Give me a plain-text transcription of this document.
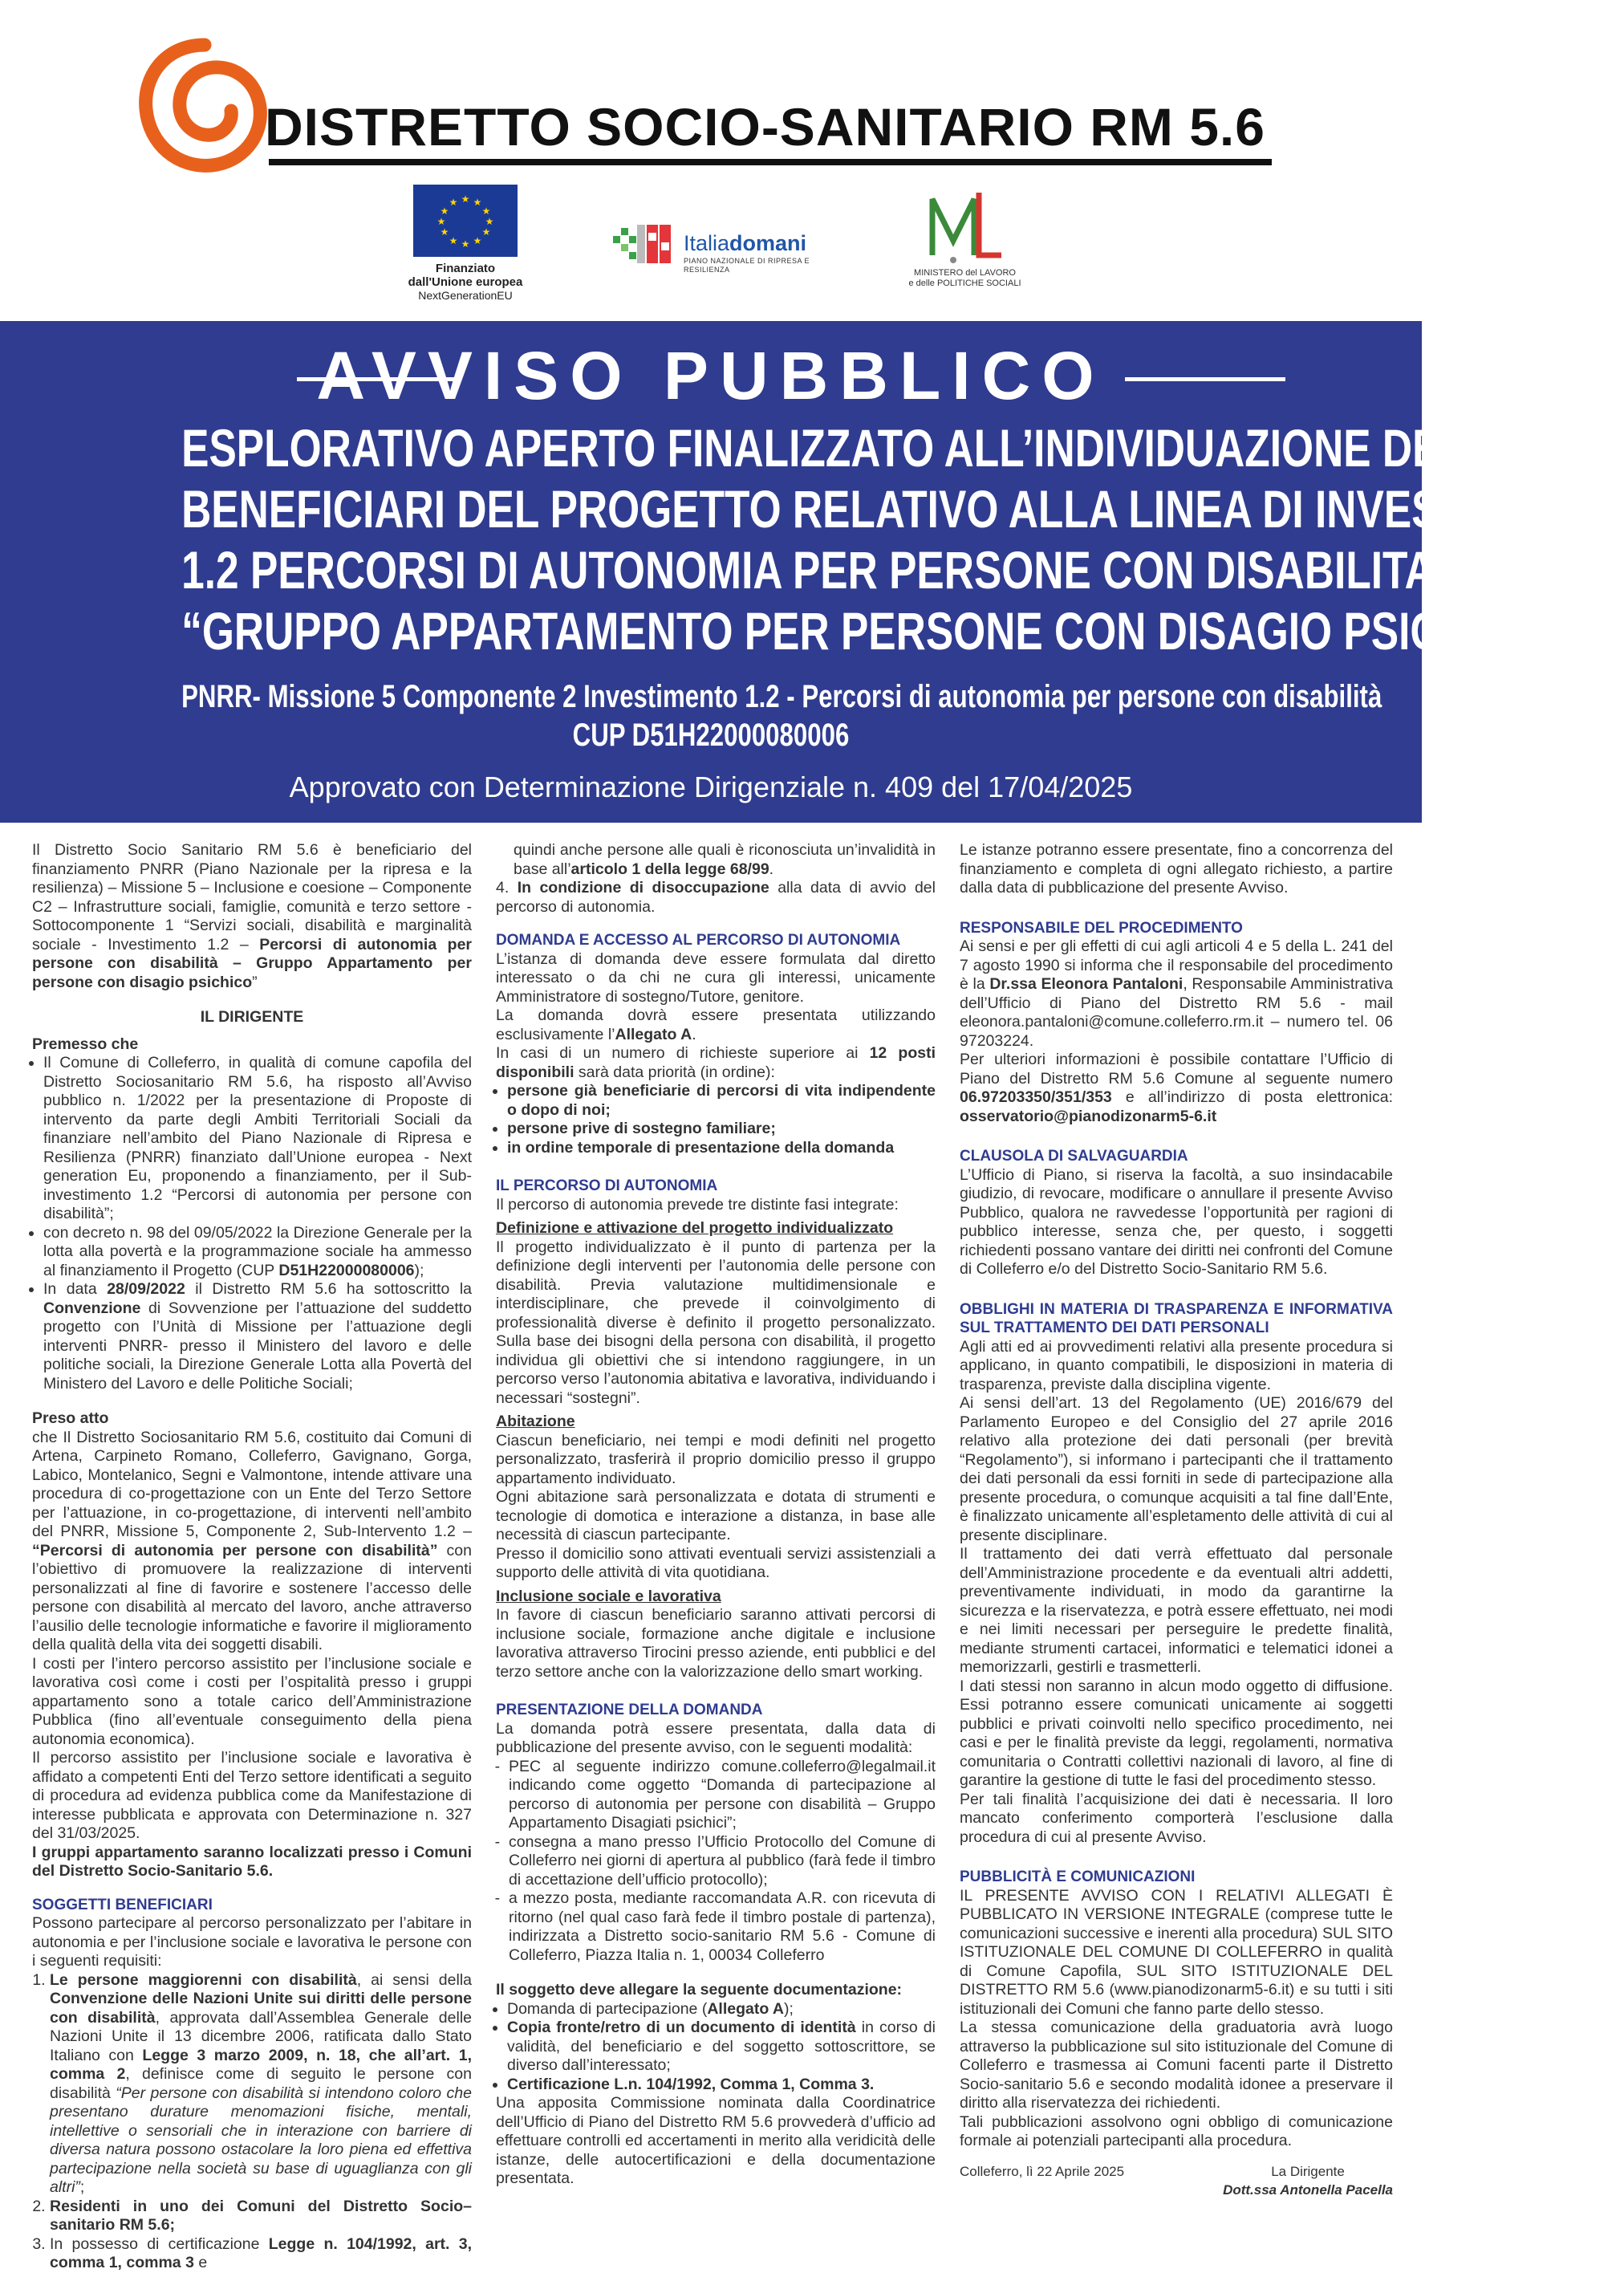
DISTRETTO SOCIO-SANITARIO RM 5.6
★ ★
★
★
★
★
★
★
★
★
★
★
Finanziato
dall'Unione europea
NextGenerationEU
Italiadomani
PIANO NAZIONALE DI RIPRESA E RESILIENZA	MINISTERO del LAVORO
e delle POLITICHE SOCIALI
AVVISO PUBBLICO
ESPLORATIVO APERTO FINALIZZATO ALL’INDIVIDUAZIONE DEI
BENEFICIARI DEL PROGETTO RELATIVO ALLA LINEA DI INVESTIMENTO
1.2 PERCORSI DI AUTONOMIA PER PERSONE CON DISABILITA’
“GRUPPO APPARTAMENTO PER PERSONE CON DISAGIO PSICHICO”
PNRR- Missione 5 Componente 2 Investimento 1.2 - Percorsi di autonomia per persone con disabilità
CUP D51H22000080006
Approvato con Determinazione Dirigenziale n. 409 del 17/04/2025

Il Distretto Socio Sanitario RM 5.6 è beneficiario del finanziamento PNRR (Piano Nazionale per la ripresa e la resilienza) – Missione 5 – Inclusione e coesione – Componente C2 – Infrastrutture sociali, famiglie, comunità e terzo settore - Sottocomponente 1 “Servizi sociali, disabilità e marginalità sociale - Investimento 1.2 – Percorsi di autonomia per persone con disabilità – Gruppo Appartamento per persone con disagio psichico”

IL DIRIGENTE

Premesso che

• Il Comune di Colleferro, in qualità di comune capofila del Distretto Sociosanitario RM 5.6, ha risposto all’Avviso pubblico n. 1/2022 per la presentazione di Proposte di intervento da parte degli Ambiti Territoriali Sociali da finanziare nell’ambito del Piano Nazionale di Ripresa e Resilienza (PNRR) finanziato dall’Unione europea - Next generation Eu, proponendo a finanziamento, per il Sub-investimento 1.2 “Percorsi di autonomia per persone con disabilità”;
• con decreto n. 98 del 09/05/2022 la Direzione Generale per la lotta alla povertà e la programmazione sociale ha ammesso al finanziamento il Progetto (CUP D51H22000080006);
• In data 28/09/2022 il Distretto RM 5.6 ha sottoscritto la Convenzione di Sovvenzione per l’attuazione del suddetto progetto con l’Unità di Missione per l’attuazione degli interventi PNRR- presso il Ministero del lavoro e delle politiche sociali, la Direzione Generale Lotta alla Povertà del Ministero del Lavoro e delle Politiche Sociali;

Preso atto

che Il Distretto Sociosanitario RM 5.6, costituito dai Comuni di Artena, Carpineto Romano, Colleferro, Gavignano, Gorga, Labico, Montelanico, Segni e Valmontone, intende attivare una procedura di co-progettazione con un Ente del Terzo Settore per l’attuazione, in co-progettazione, di interventi nell’ambito del PNRR, Missione 5, Componente 2, Sub-Intervento 1.2 – “Percorsi di autonomia per persone con disabilità” con l’obiettivo di promuovere la realizzazione di interventi personalizzati al fine di favorire e sostenere l’accesso delle persone con disabilità al mercato del lavoro, anche attraverso l’ausilio delle tecnologie informatiche e favorire il miglioramento della qualità della vita dei soggetti disabili.

I costi per l’intero percorso assistito per l’inclusione sociale e lavorativa così come i costi per l’ospitalità presso i gruppi appartamento sono a totale carico dell’Amministrazione Pubblica (fino all’eventuale conseguimento della piena autonomia economica).

Il percorso assistito per l’inclusione sociale e lavorativa è affidato a competenti Enti del Terzo settore identificati a seguito di procedura ad evidenza pubblica come da Manifestazione di interesse pubblicata e approvata con Determinazione n. 327 del 31/03/2025.

I gruppi appartamento saranno localizzati presso i Comuni del Distretto Socio-Sanitario 5.6.

SOGGETTI BENEFICIARI

Possono partecipare al percorso personalizzato per l’abitare in autonomia e per l’inclusione sociale e lavorativa le persone con i seguenti requisiti:

1. Le persone maggiorenni con disabilità, ai sensi della Convenzione delle Nazioni Unite sui diritti delle persone con disabilità, approvata dall’Assemblea Generale delle Nazioni Unite il 13 dicembre 2006, ratificata dallo Stato Italiano con Legge 3 marzo 2009, n. 18, che all’art. 1, comma 2, definisce come di seguito le persone con disabilità “Per persone con disabilità si intendono coloro che presentano durature menomazioni fisiche, mentali, intellettive o sensoriali che in interazione con barriere di diversa natura possono ostacolare la loro piena ed effettiva partecipazione nella società su base di uguaglianza con gli altri”;
2. Residenti in uno dei Comuni del Distretto Socio–sanitario RM 5.6;
3. In possesso di certificazione Legge n. 104/1992, art. 3, comma 1, comma 3 e

quindi anche persone alle quali è riconosciuta un’invalidità in base all’articolo 1 della legge 68/99.

4. In condizione di disoccupazione alla data di avvio del percorso di autonomia.

DOMANDA E ACCESSO AL PERCORSO DI AUTONOMIA

L’istanza di domanda deve essere formulata dal diretto interessato o da chi ne cura gli interessi, unicamente Amministratore di sostegno/Tutore, genitore.

La domanda dovrà essere presentata utilizzando esclusivamente l’Allegato A.

In casi di un numero di richieste superiore ai 12 posti disponibili sarà data priorità (in ordine):

• persone già beneficiarie di percorsi di vita indipendente o dopo di noi;
• persone prive di sostegno familiare;
• in ordine temporale di presentazione della domanda

IL PERCORSO DI AUTONOMIA

Il percorso di autonomia prevede tre distinte fasi integrate:

Definizione e attivazione del progetto individualizzato

Il progetto individualizzato è il punto di partenza per la definizione degli interventi per l’autonomia delle persone con disabilità. Previa valutazione multidimensionale e interdisciplinare, che prevede il coinvolgimento di professionalità diverse è definito il progetto personalizzato. Sulla base dei bisogni della persona con disabilità, il progetto individua gli obiettivi che si intendono raggiungere, in un percorso verso l’autonomia abitativa e lavorativa, individuando i necessari “sostegni”.

Abitazione

Ciascun beneficiario, nei tempi e modi definiti nel progetto personalizzato, trasferirà il proprio domicilio presso il gruppo appartamento individuato.

Ogni abitazione sarà personalizzata e dotata di strumenti e tecnologie di domotica e interazione a distanza, in base alle necessità di ciascun partecipante.

Presso il domicilio sono attivati eventuali servizi assistenziali a supporto delle attività di vita quotidiana.

Inclusione sociale e lavorativa

In favore di ciascun beneficiario saranno attivati percorsi di inclusione sociale, formazione anche digitale e inclusione lavorativa attraverso Tirocini presso aziende, enti pubblici e del terzo settore anche con la valorizzazione dello smart working.

PRESENTAZIONE DELLA DOMANDA

La domanda potrà essere presentata, dalla data di pubblicazione del presente avviso, con le seguenti modalità:

- PEC al seguente indirizzo comune.colleferro@legalmail.it indicando come oggetto “Domanda di partecipazione al percorso di autonomia per persone con disabilità – Gruppo Appartamento Disagiati psichici”;
- consegna a mano presso l’Ufficio Protocollo del Comune di Colleferro nei giorni di apertura al pubblico (farà fede il timbro di accettazione dell’ufficio protocollo);
- a mezzo posta, mediante raccomandata A.R. con ricevuta di ritorno (nel qual caso farà fede il timbro postale di partenza), indirizzata a Distretto socio-sanitario RM 5.6 - Comune di Colleferro, Piazza Italia n. 1, 00034 Colleferro

Il soggetto deve allegare la seguente documentazione:

• Domanda di partecipazione (Allegato A);
• Copia fronte/retro di un documento di identità in corso di validità, del beneficiario e del soggetto sottoscrittore, se diverso dall’interessato;
• Certificazione L.n. 104/1992, Comma 1, Comma 3.

Una apposita Commissione nominata dalla Coordinatrice dell’Ufficio di Piano del Distretto RM 5.6 provvederà d’ufficio ad effettuare controlli ed accertamenti in merito alla veridicità delle istanze, delle autocertificazioni e della documentazione presentata.

Le istanze potranno essere presentate, fino a concorrenza del finanziamento e completa di ogni allegato richiesto, a partire dalla data di pubblicazione del presente Avviso.

RESPONSABILE DEL PROCEDIMENTO

Ai sensi e per gli effetti di cui agli articoli 4 e 5 della L. 241 del 7 agosto 1990 si informa che il responsabile del procedimento è la Dr.ssa Eleonora Pantaloni, Responsabile Amministrativa dell’Ufficio di Piano del Distretto RM 5.6 - mail eleonora.pantaloni@comune.colleferro.rm.it – numero tel. 06 97203224.

Per ulteriori informazioni è possibile contattare l’Ufficio di Piano del Distretto RM 5.6 Comune al seguente numero 06.97203350/351/353 e all’indirizzo di posta elettronica: osservatorio@pianodizonarm5-6.it

CLAUSOLA DI SALVAGUARDIA

L’Ufficio di Piano, si riserva la facoltà, a suo insindacabile giudizio, di revocare, modificare o annullare il presente Avviso Pubblico, qualora ne ravvedesse l’opportunità per ragioni di pubblico interesse, senza che, per questo, i soggetti richiedenti possano vantare dei diritti nei confronti del Comune di Colleferro e/o del Distretto Socio-Sanitario RM 5.6.

OBBLIGHI IN MATERIA DI TRASPARENZA E INFORMATIVA SUL TRATTAMENTO DEI DATI PERSONALI

Agli atti ed ai provvedimenti relativi alla presente procedura si applicano, in quanto compatibili, le disposizioni in materia di trasparenza, previste dalla disciplina vigente.

Ai sensi dell’art. 13 del Regolamento (UE) 2016/679 del Parlamento Europeo e del Consiglio del 27 aprile 2016 relativo alla protezione dei dati personali (per brevità “Regolamento”), si informano i partecipanti che il trattamento dei dati personali da essi forniti in sede di partecipazione alla presente procedura, o comunque acquisiti a tal fine dall’Ente, è finalizzato unicamente all’espletamento delle attività di cui al presente disciplinare.

Il trattamento dei dati verrà effettuato dal personale dell’Amministrazione procedente e da eventuali altri addetti, preventivamente individuati, in modo da garantirne la sicurezza e la riservatezza, e potrà essere effettuato, nei modi e nei limiti necessari per perseguire le predette finalità, mediante strumenti cartacei, informatici e telematici idonei a memorizzarli, gestirli e trasmetterli.

I dati stessi non saranno in alcun modo oggetto di diffusione. Essi potranno essere comunicati unicamente ai soggetti pubblici e privati coinvolti nello specifico procedimento, nei casi e per le finalità previste da leggi, regolamenti, normativa comunitaria o Contratti collettivi nazionali di lavoro, al fine di garantire la gestione di tutte le fasi del procedimento stesso.

Per tali finalità l’acquisizione dei dati è necessaria. Il loro mancato conferimento comporterà l’esclusione dalla procedura di cui al presente Avviso.

PUBBLICITÀ E COMUNICAZIONI

IL PRESENTE AVVISO CON I RELATIVI ALLEGATI È PUBBLICATO IN VERSIONE INTEGRALE (comprese tutte le comunicazioni successive e inerenti alla procedura) SUL SITO ISTITUZIONALE DEL COMUNE DI COLLEFERRO in qualità di Comune Capofila, SUL SITO ISTITUZIONALE DEL DISTRETTO RM 5.6 (www.pianodizonarm5-6.it) e su tutti i siti istituzionali dei Comuni che fanno parte dello stesso.

La stessa comunicazione della graduatoria avrà luogo attraverso la pubblicazione sul sito istituzionale del Comune di Colleferro e trasmessa ai Comuni facenti parte il Distretto Socio-sanitario 5.6 e secondo modalità idonee a preservare il diritto alla riservatezza dei richiedenti.

Tali pubblicazioni assolvono ogni obbligo di comunicazione formale ai potenziali partecipanti alla procedura.

Colleferro, lì 22 Aprile 2025	La Dirigente
Dott.ssa Antonella Pacella
